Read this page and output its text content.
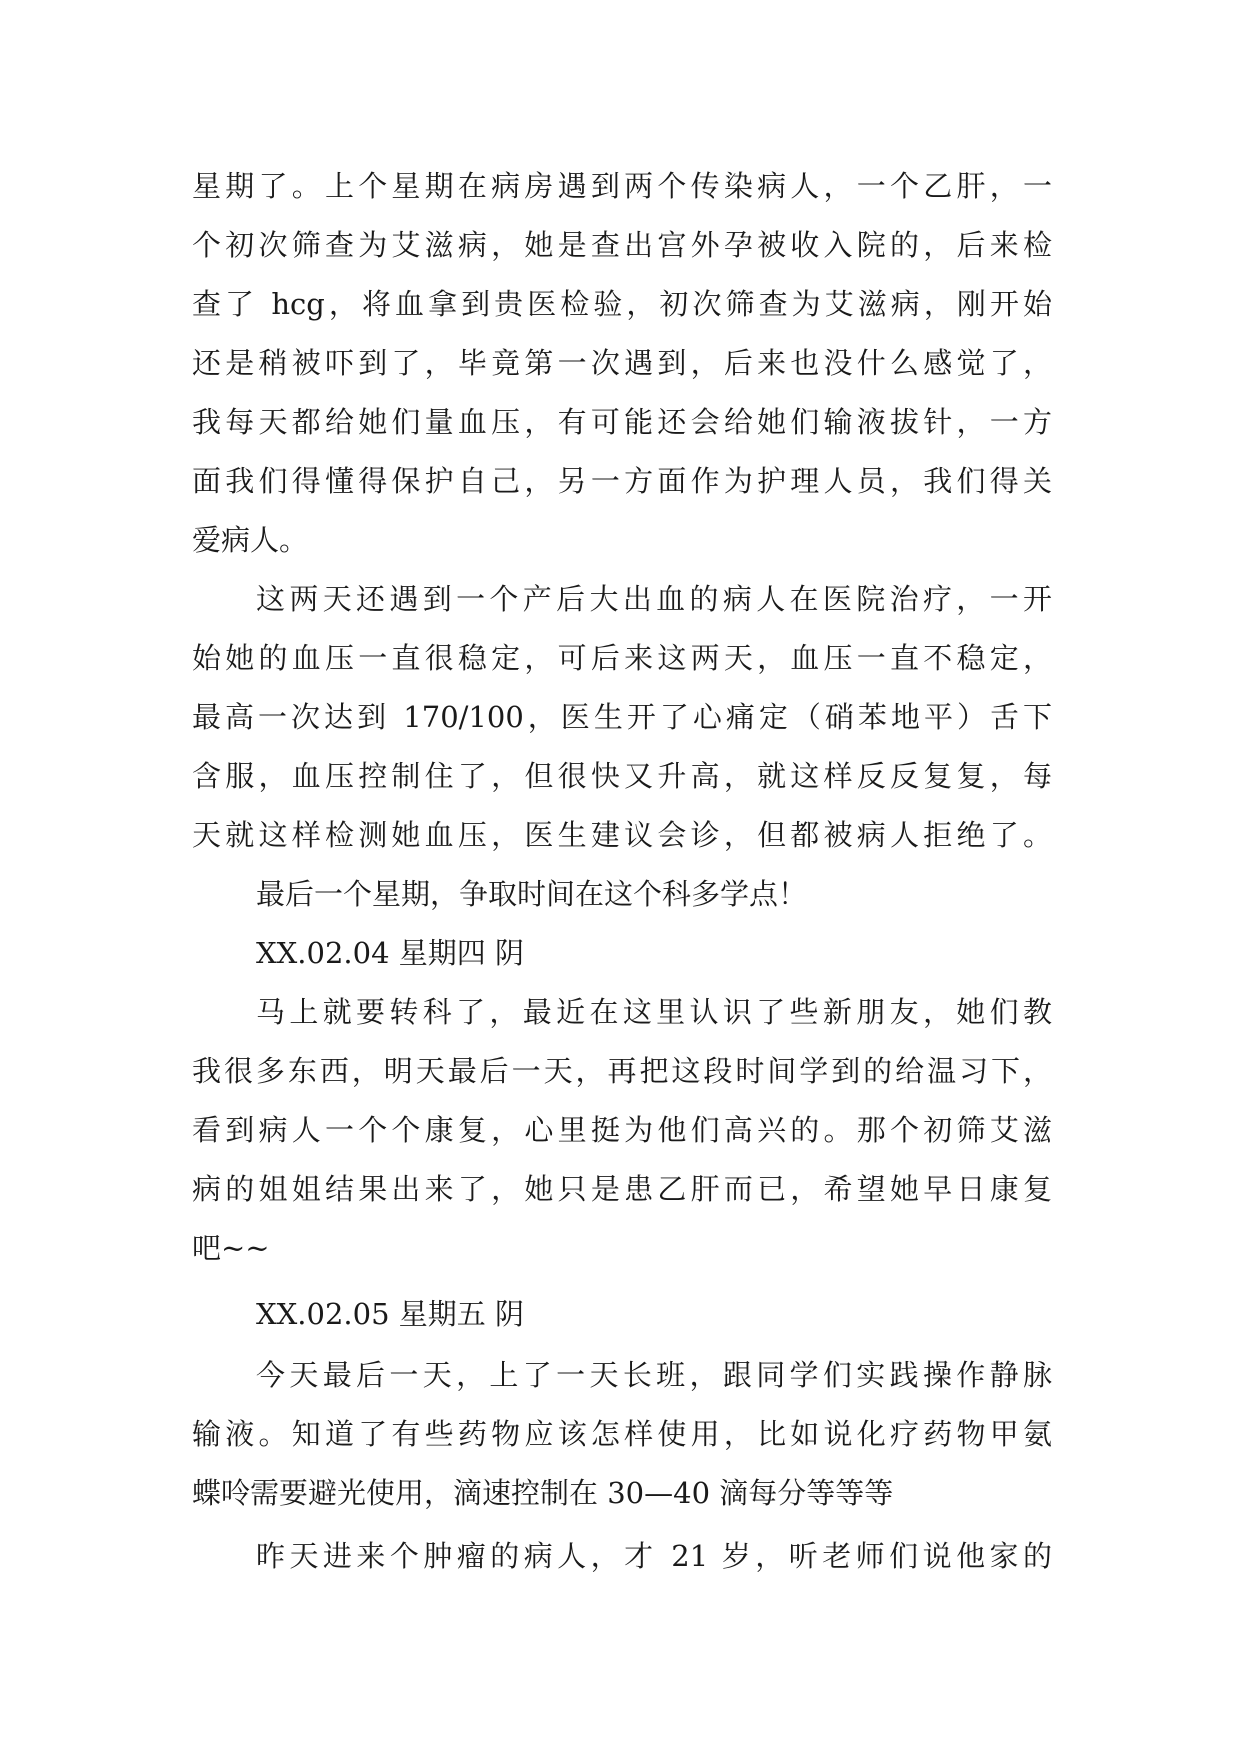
星期了。上个星期在病房遇到两个传染病人，一个乙肝，一
个初次筛查为艾滋病，她是查出宫外孕被收入院的，后来检
查了 hcg，将血拿到贵医检验，初次筛查为艾滋病，刚开始
还是稍被吓到了，毕竟第一次遇到，后来也没什么感觉了，
我每天都给她们量血压，有可能还会给她们输液拔针，一方
面我们得懂得保护自己，另一方面作为护理人员，我们得关
爱病人。
这两天还遇到一个产后大出血的病人在医院治疗，一开
始她的血压一直很稳定，可后来这两天，血压一直不稳定，
最高一次达到 170/100，医生开了心痛定（硝苯地平）舌下
含服，血压控制住了，但很快又升高，就这样反反复复，每
天就这样检测她血压，医生建议会诊，但都被病人拒绝了。
最后一个星期，争取时间在这个科多学点！
XX.02.04 星期四 阴
马上就要转科了，最近在这里认识了些新朋友，她们教
我很多东西，明天最后一天，再把这段时间学到的给温习下，
看到病人一个个康复，心里挺为他们高兴的。那个初筛艾滋
病的姐姐结果出来了，她只是患乙肝而已，希望她早日康复
吧~~
XX.02.05 星期五 阴
今天最后一天，上了一天长班，跟同学们实践操作静脉
输液。知道了有些药物应该怎样使用，比如说化疗药物甲氨
蝶呤需要避光使用，滴速控制在 30—40 滴每分等等等
昨天进来个肿瘤的病人，才 21 岁，听老师们说他家的
